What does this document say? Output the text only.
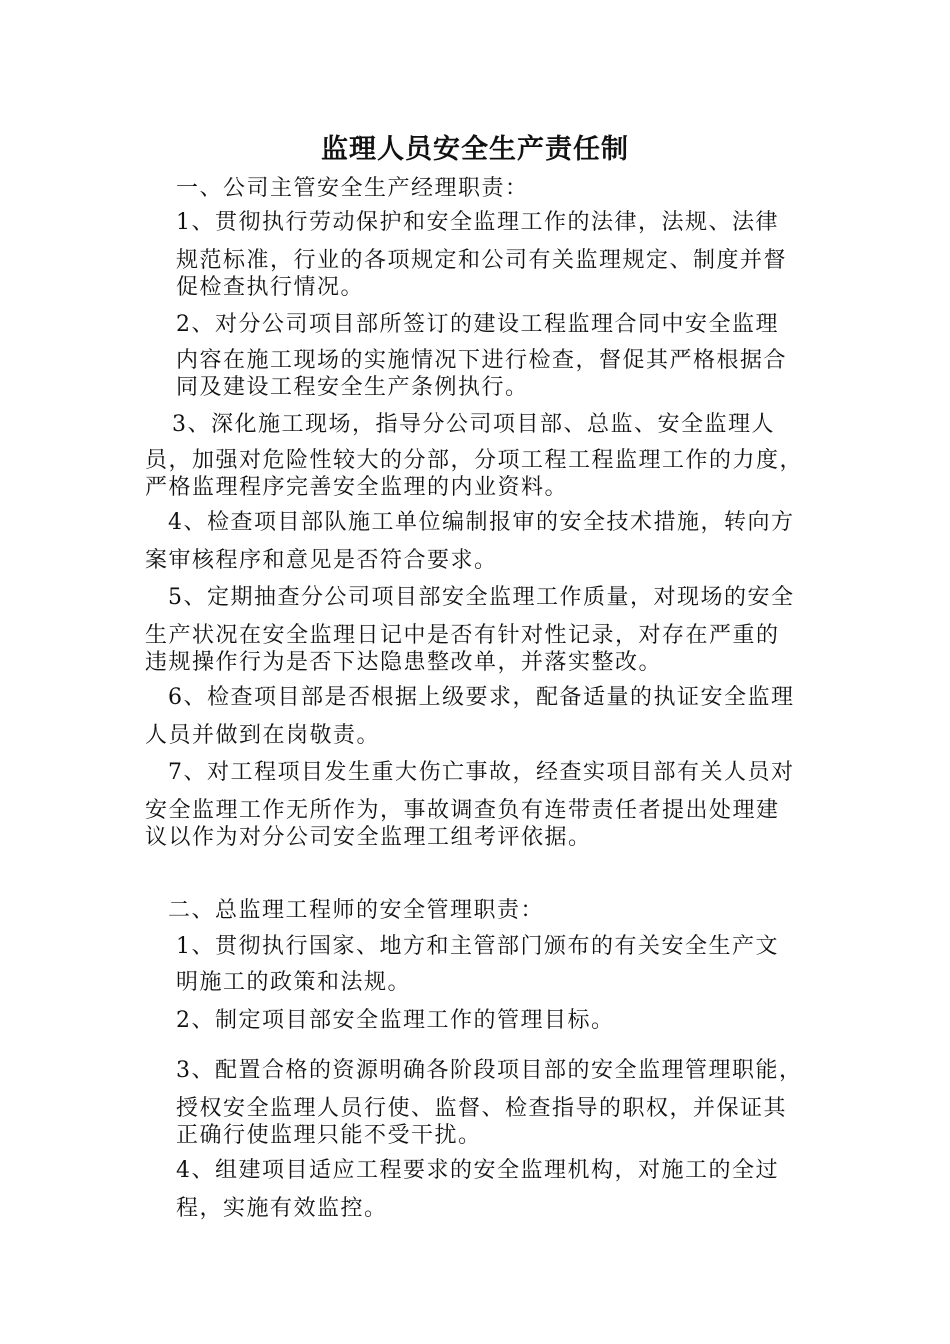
监理人员安全生产责任制
一、公司主管安全生产经理职责：
1、贯彻执行劳动保护和安全监理工作的法律，法规、法律
规范标准，行业的各项规定和公司有关监理规定、制度并督
促检查执行情况。
2、对分公司项目部所签订的建设工程监理合同中安全监理
内容在施工现场的实施情况下进行检查，督促其严格根据合
同及建设工程安全生产条例执行。
3、深化施工现场，指导分公司项目部、总监、安全监理人
员，加强对危险性较大的分部，分项工程工程监理工作的力度，
严格监理程序完善安全监理的内业资料。
4、检查项目部队施工单位编制报审的安全技术措施，转向方
案审核程序和意见是否符合要求。
5、定期抽查分公司项目部安全监理工作质量，对现场的安全
生产状况在安全监理日记中是否有针对性记录，对存在严重的
违规操作行为是否下达隐患整改单，并落实整改。
6、检查项目部是否根据上级要求，配备适量的执证安全监理
人员并做到在岗敬责。
7、对工程项目发生重大伤亡事故，经查实项目部有关人员对
安全监理工作无所作为，事故调查负有连带责任者提出处理建
议以作为对分公司安全监理工组考评依据。
二、总监理工程师的安全管理职责：
1、贯彻执行国家、地方和主管部门颁布的有关安全生产文
明施工的政策和法规。
2、制定项目部安全监理工作的管理目标。
3、配置合格的资源明确各阶段项目部的安全监理管理职能，
授权安全监理人员行使、监督、检查指导的职权，并保证其
正确行使监理只能不受干扰。
4、组建项目适应工程要求的安全监理机构，对施工的全过
程，实施有效监控。
